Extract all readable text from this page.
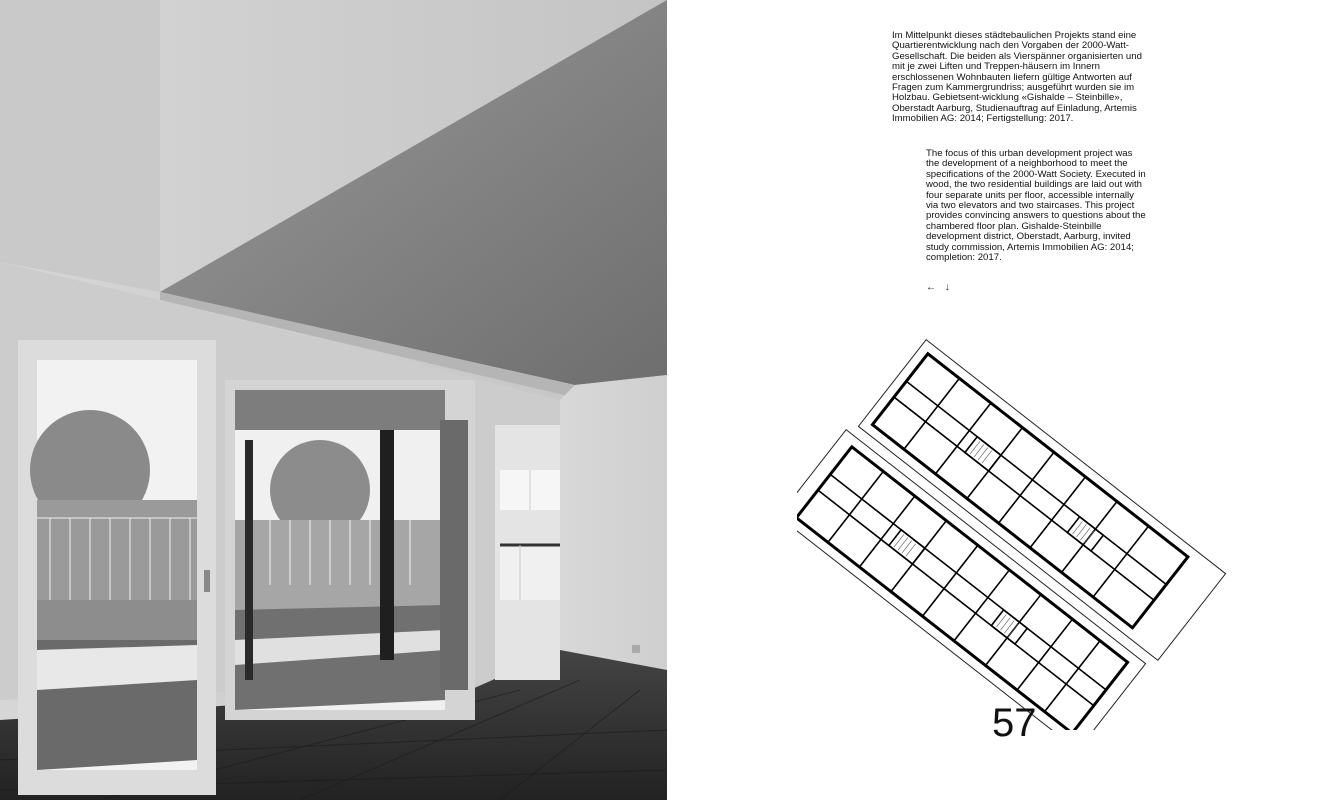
Im Mittelpunkt dieses städtebaulichen Projekts stand eine Quartierentwicklung nach den Vorgaben der 2000-Watt-Gesellschaft. Die beiden als Vierspänner organisierten und mit je zwei Liften und Treppen-häusern im Innern erschlossenen Wohnbauten liefern gültige Antworten auf Fragen zum Kammergrundriss; ausgeführt wurden sie im Holzbau. Gebietsent-wicklung «Gishalde – Steinbille», Oberstadt Aarburg, Studienauftrag auf Einladung, Artemis Immobilien AG: 2014; Fertigstellung: 2017.

The focus of this urban development project was the development of a neighborhood to meet the specifications of the 2000-Watt Society. Executed in wood, the two residential buildings are laid out with four separate units per floor, accessible internally via two elevators and two staircases. This project provides convincing answers to questions about the chambered floor plan. Gishalde-Steinbille development district, Oberstadt, Aarburg, invited study commission, Artemis Immobilien AG: 2014; completion: 2017.

← ↓
57
